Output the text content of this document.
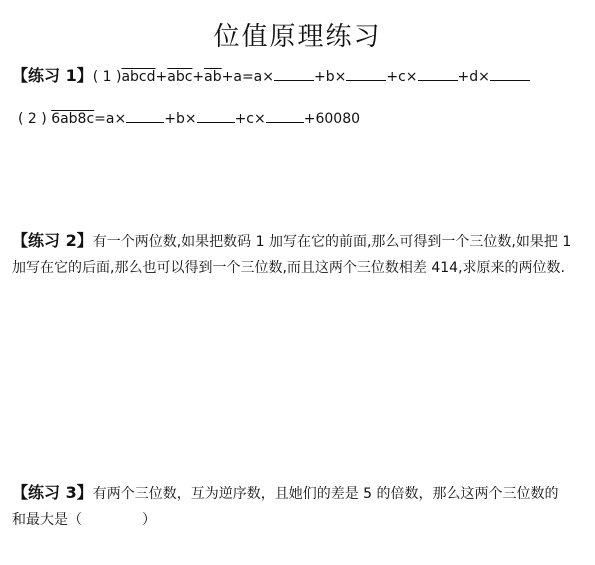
位值原理练习
【练习 1】( 1 )$abcd+\overline{abc}+\overline{ab}+a=a\times$	+b×	+c×	+d×
( 2 ) 6ab8c=a×	+b×	+c×	+60080
【练习 2】有一个两位数,如果把数码 1 加写在它的前面,那么可得到一个三位数,如果把 1 加写在它的后面,那么也可以得到一个三位数,而且这两个三位数相差 414,求原来的两位数.
【练习 3】有两个三位数，互为逆序数，且她们的差是 5 的倍数，那么这两个三位数的和最大是（	）
